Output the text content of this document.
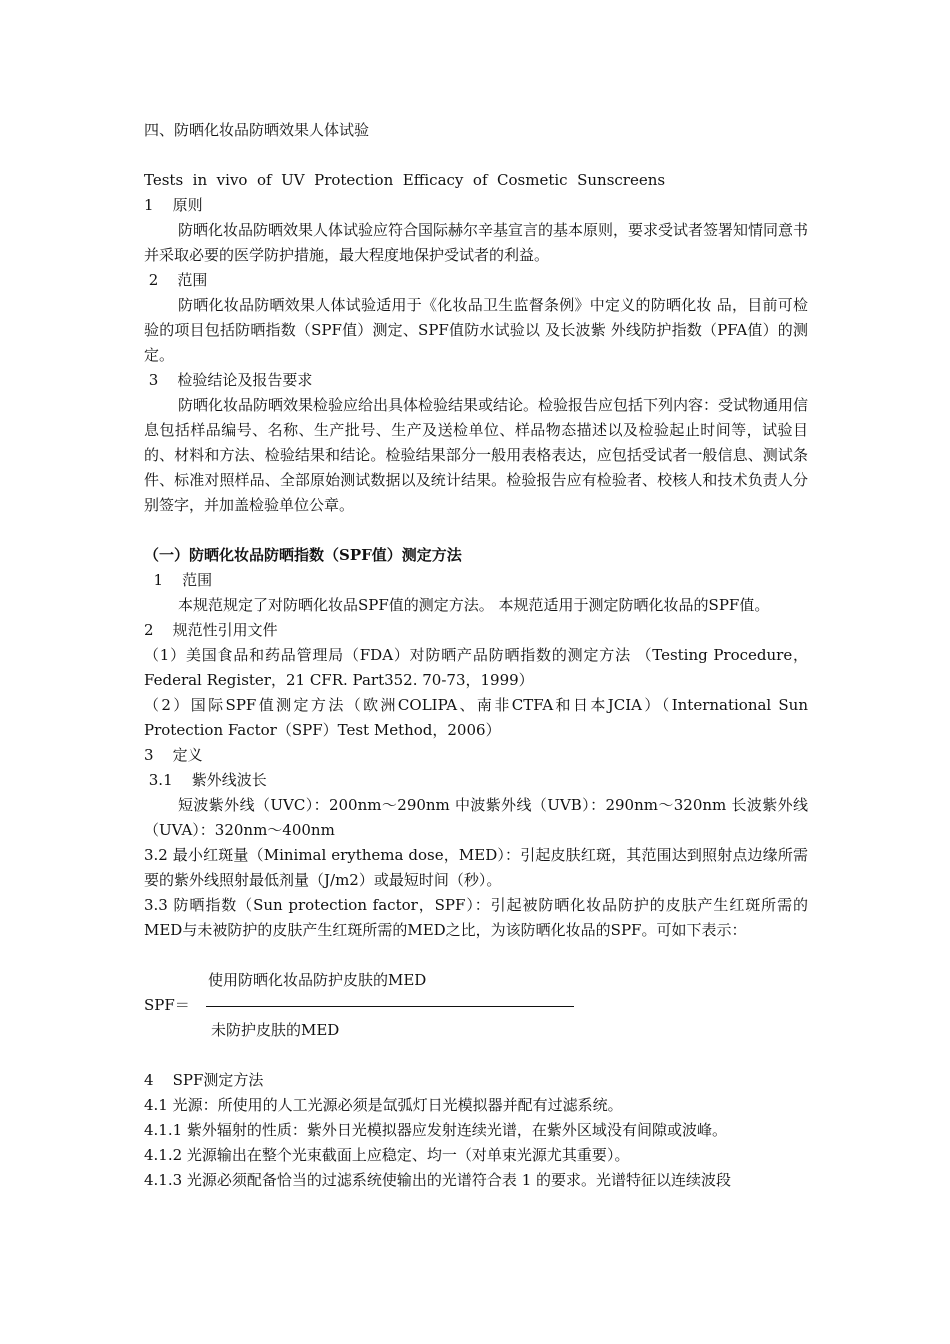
四、防晒化妆品防晒效果人体试验

Tests  in  vivo  of  UV  Protection  Efficacy  of  Cosmetic  Sunscreens

1    原则

防晒化妆品防晒效果人体试验应符合国际赫尔辛基宣言的基本原则，要求受试者签署知情同意书并采取必要的医学防护措施，最大程度地保护受试者的利益。

2    范围

防晒化妆品防晒效果人体试验适用于《化妆品卫生监督条例》中定义的防晒化妆 品，目前可检验的项目包括防晒指数（SPF值）测定、SPF值防水试验以 及长波紫 外线防护指数（PFA值）的测定。

3    检验结论及报告要求

防晒化妆品防晒效果检验应给出具体检验结果或结论。检验报告应包括下列内容：受试物通用信息包括样品编号、名称、生产批号、生产及送检单位、样品物态描述以及检验起止时间等，试验目的、材料和方法、检验结果和结论。检验结果部分一般用表格表达，应包括受试者一般信息、测试条件、标准对照样品、全部原始测试数据以及统计结果。检验报告应有检验者、校核人和技术负责人分别签字，并加盖检验单位公章。

（一）防晒化妆品防晒指数（SPF值）测定方法

1    范围

本规范规定了对防晒化妆品SPF值的测定方法。 本规范适用于测定防晒化妆品的SPF值。

2    规范性引用文件

（1）美国食品和药品管理局（FDA）对防晒产品防晒指数的测定方法 （Testing Procedure，Federal Register，21 CFR. Part352. 70-73，1999）

（2）国际SPF值测定方法（欧洲COLIPA、南非CTFA和日本JCIA）（International Sun Protection Factor（SPF）Test Method，2006）

3    定义

3.1    紫外线波长

短波紫外线（UVC）：200nm～290nm 中波紫外线（UVB）：290nm～320nm 长波紫外线（UVA）：320nm～400nm

3.2 最小红斑量（Minimal erythema dose，MED）：引起皮肤红斑，其范围达到照射点边缘所需要的紫外线照射最低剂量（J/m2）或最短时间（秒）。

3.3 防晒指数（Sun protection factor，SPF）：引起被防晒化妆品防护的皮肤产生红斑所需的MED与未被防护的皮肤产生红斑所需的MED之比，为该防晒化妆品的SPF。可如下表示：

使用防晒化妆品防护皮肤的MED
SPF＝
未防护皮肤的MED

4    SPF测定方法

4.1 光源：所使用的人工光源必须是氙弧灯日光模拟器并配有过滤系统。

4.1.1 紫外辐射的性质：紫外日光模拟器应发射连续光谱，在紫外区域没有间隙或波峰。

4.1.2 光源输出在整个光束截面上应稳定、均一（对单束光源尤其重要）。

4.1.3 光源必须配备恰当的过滤系统使输出的光谱符合表 1 的要求。光谱特征以连续波段
